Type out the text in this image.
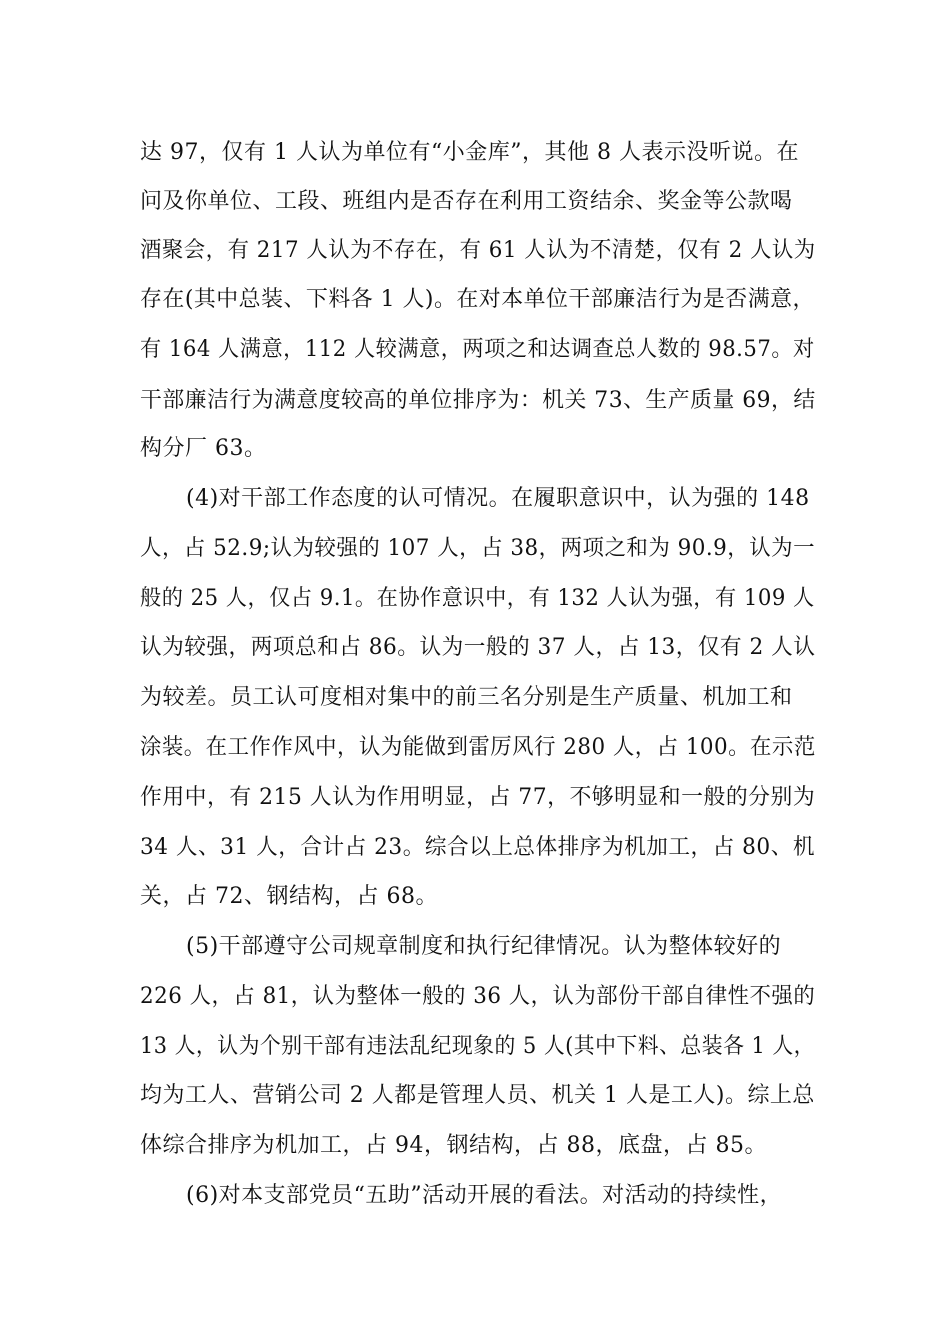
达 97，仅有 1 人认为单位有“小金库”，其他 8 人表示没听说。在
问及你单位、工段、班组内是否存在利用工资结余、奖金等公款喝
酒聚会，有 217 人认为不存在，有 61 人认为不清楚，仅有 2 人认为
存在(其中总装、下料各 1 人)。在对本单位干部廉洁行为是否满意，
有 164 人满意，112 人较满意，两项之和达调查总人数的 98.57。对
干部廉洁行为满意度较高的单位排序为：机关 73、生产质量 69，结
构分厂 63。
(4)对干部工作态度的认可情况。在履职意识中，认为强的 148
人，占 52.9;认为较强的 107 人，占 38，两项之和为 90.9，认为一
般的 25 人，仅占 9.1。在协作意识中，有 132 人认为强，有 109 人
认为较强，两项总和占 86。认为一般的 37 人，占 13，仅有 2 人认
为较差。员工认可度相对集中的前三名分别是生产质量、机加工和
涂装。在工作作风中，认为能做到雷厉风行 280 人，占 100。在示范
作用中，有 215 人认为作用明显，占 77，不够明显和一般的分别为
34 人、31 人，合计占 23。综合以上总体排序为机加工，占 80、机
关，占 72、钢结构，占 68。
(5)干部遵守公司规章制度和执行纪律情况。认为整体较好的
226 人，占 81，认为整体一般的 36 人，认为部份干部自律性不强的
13 人，认为个别干部有违法乱纪现象的 5 人(其中下料、总装各 1 人，
均为工人、营销公司 2 人都是管理人员、机关 1 人是工人)。综上总
体综合排序为机加工，占 94，钢结构，占 88，底盘，占 85。
(6)对本支部党员“五助”活动开展的看法。对活动的持续性，
